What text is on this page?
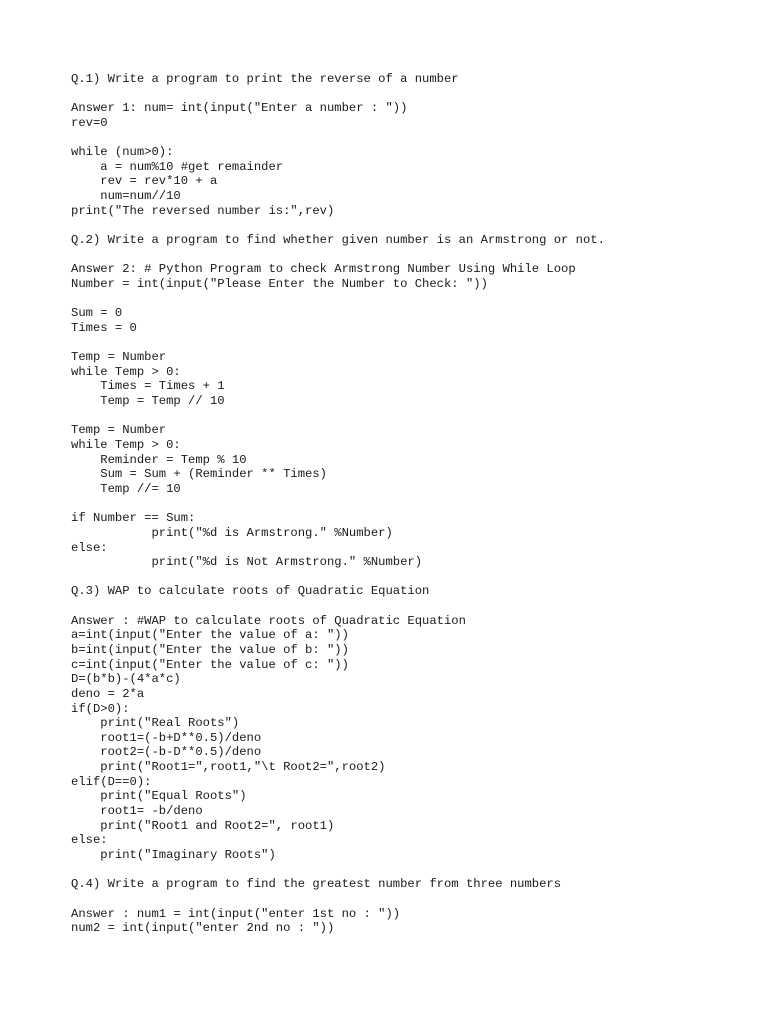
Q.1) Write a program to print the reverse of a number
Answer 1: num= int(input("Enter a number : "))
rev=0
while (num>0):
a = num%10 #get remainder
rev = rev*10 + a
num=num//10
print("The reversed number is:",rev)
Q.2) Write a program to find whether given number is an Armstrong or not.
Answer 2: # Python Program to check Armstrong Number Using While Loop
Number = int(input("Please Enter the Number to Check: "))
Sum = 0
Times = 0
Temp = Number
while Temp > 0:
Times = Times + 1
Temp = Temp // 10
Temp = Number
while Temp > 0:
Reminder = Temp % 10
Sum = Sum + (Reminder ** Times)
Temp //= 10
if Number == Sum:
print("%d is Armstrong." %Number)
else:
print("%d is Not Armstrong." %Number)
Q.3) WAP to calculate roots of Quadratic Equation
Answer : #WAP to calculate roots of Quadratic Equation
a=int(input("Enter the value of a: "))
b=int(input("Enter the value of b: "))
c=int(input("Enter the value of c: "))
D=(b*b)-(4*a*c)
deno = 2*a
if(D>0):
print("Real Roots")
root1=(-b+D**0.5)/deno
root2=(-b-D**0.5)/deno
print("Root1=",root1,"\t Root2=",root2)
elif(D==0):
print("Equal Roots")
root1= -b/deno
print("Root1 and Root2=", root1)
else:
print("Imaginary Roots")
Q.4) Write a program to find the greatest number from three numbers
Answer : num1 = int(input("enter 1st no : "))
num2 = int(input("enter 2nd no : "))
